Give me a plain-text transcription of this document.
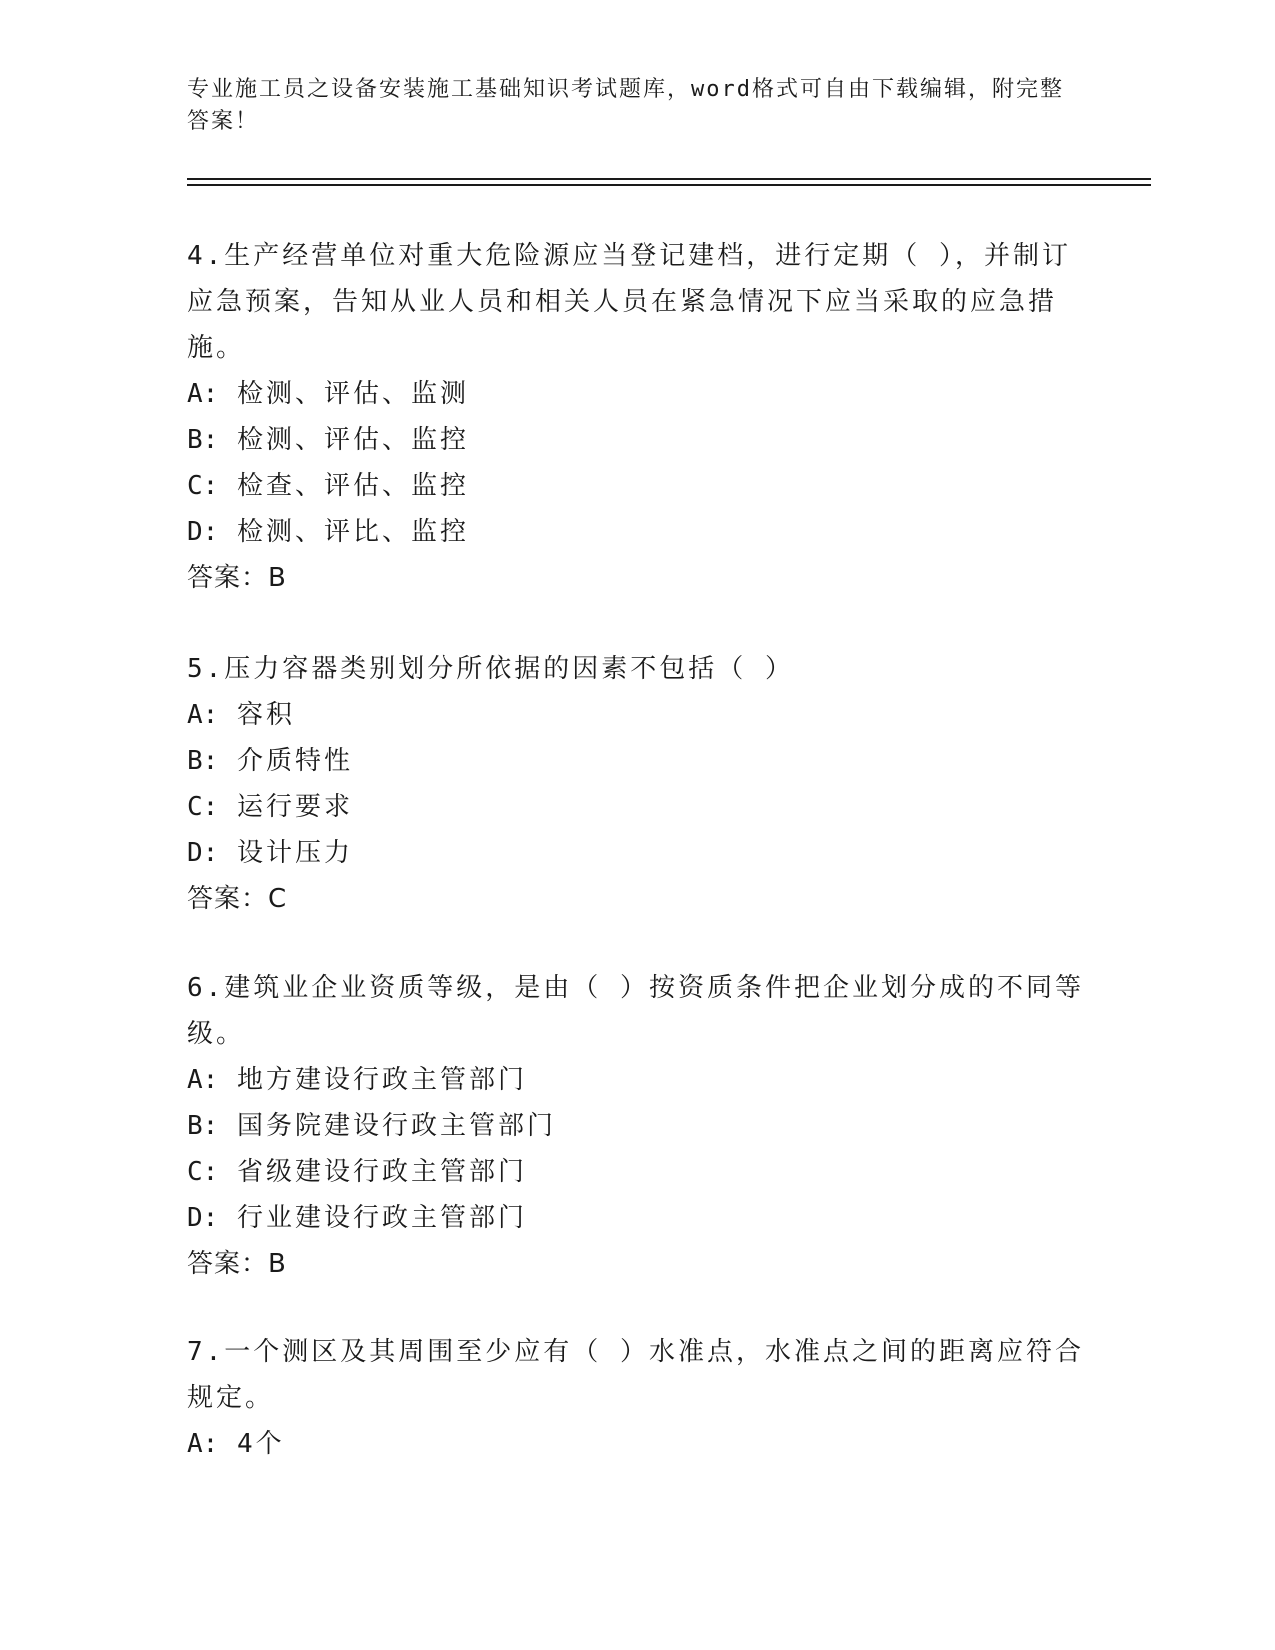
专业施工员之设备安装施工基础知识考试题库，word格式可自由下载编辑，附完整答案！
4.生产经营单位对重大危险源应当登记建档，进行定期（ ），并制订应急预案，告知从业人员和相关人员在紧急情况下应当采取的应急措施。
A: 检测、评估、监测
B: 检测、评估、监控
C: 检查、评估、监控
D: 检测、评比、监控
答案：B
5.压力容器类别划分所依据的因素不包括（ ）
A: 容积
B: 介质特性
C: 运行要求
D: 设计压力
答案：C
6.建筑业企业资质等级，是由（ ）按资质条件把企业划分成的不同等级。
A: 地方建设行政主管部门
B: 国务院建设行政主管部门
C: 省级建设行政主管部门
D: 行业建设行政主管部门
答案：B
7.一个测区及其周围至少应有（ ）水准点，水准点之间的距离应符合规定。
A: 4个
